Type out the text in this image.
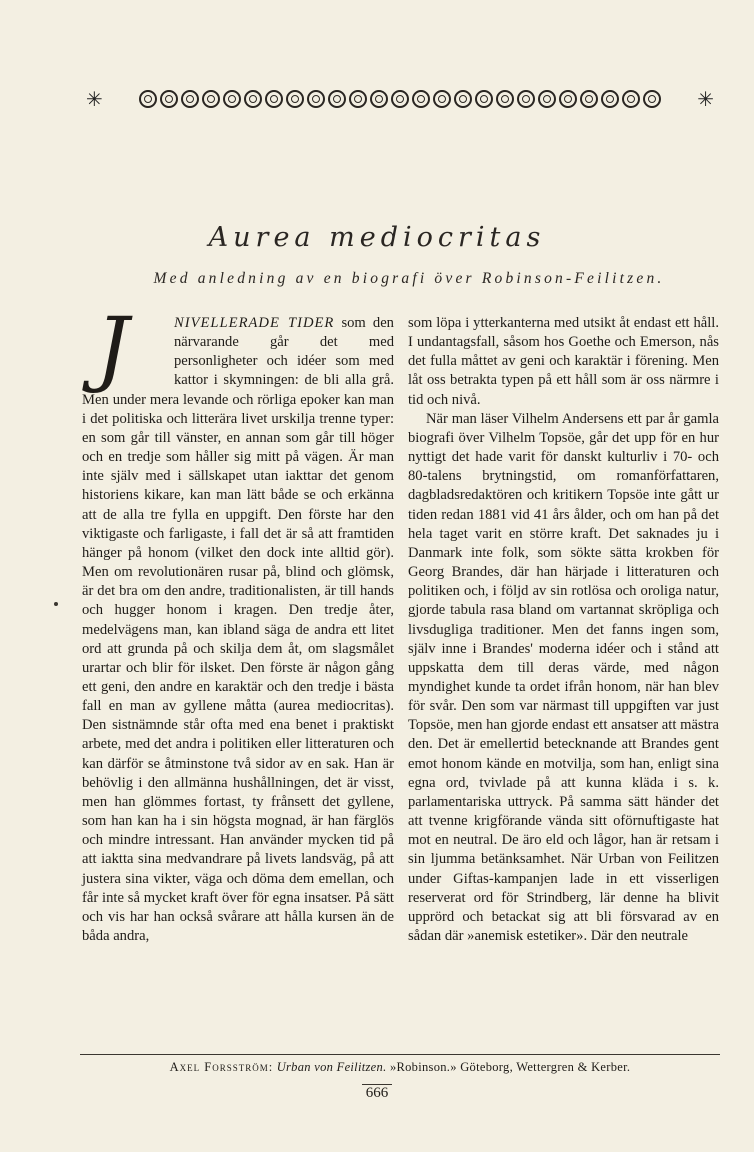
✳	✳
Aurea mediocritas

Med anledning av en biografi över Robinson-Feilitzen.

J	NIVELLERADE TIDER som den närvarande går det med personligheter och idéer som med kattor i skymningen: de bli alla grå. Men under mera levande och rörliga epoker kan man i det politiska och litterära livet urskilja trenne typer: en som går till vänster, en annan som går till höger och en tredje som håller sig mitt på vägen. Är man inte själv med i sällskapet utan iakttar det genom historiens kikare, kan man lätt både se och erkänna att de alla tre fylla en uppgift. Den förste har den viktigaste och farligaste, i fall det är så att framtiden hänger på honom (vilket den dock inte alltid gör). Men om revolutionären rusar på, blind och glömsk, är det bra om den andre, traditionalisten, är till hands och hugger honom i kragen. Den tredje åter, medelvägens man, kan ibland säga de andra ett litet ord att grunda på och skilja dem åt, om slagsmålet urartar och blir för ilsket. Den förste är någon gång ett geni, den andre en karaktär och den tredje i bästa fall en man av gyllene måtta (aurea mediocritas). Den sistnämnde står ofta med ena benet i praktiskt arbete, med det andra i politiken eller litteraturen och kan därför se åtminstone två sidor av en sak. Han är behövlig i den allmänna hushållningen, det är visst, men han glömmes fortast, ty frånsett det gyllene, som han kan ha i sin högsta mognad, är han färglös och mindre intressant. Han använder mycken tid på att iaktta sina medvandrare på livets landsväg, på att justera sina vikter, väga och döma dem emellan, och får inte så mycket kraft över för egna insatser. På sätt och vis har han också svårare att hålla kursen än de båda andra,

som löpa i ytterkanterna med utsikt åt endast ett håll. I undantagsfall, såsom hos Goethe och Emerson, nås det fulla måttet av geni och karaktär i förening. Men låt oss betrakta typen på ett håll som är oss närmre i tid och nivå.

När man läser Vilhelm Andersens ett par år gamla biografi över Vilhelm Topsöe, går det upp för en hur nyttigt det hade varit för danskt kulturliv i 70- och 80-talens brytningstid, om romanförfattaren, dagbladsredaktören och kritikern Topsöe inte gått ur tiden redan 1881 vid 41 års ålder, och om han på det hela taget varit en större kraft. Det saknades ju i Danmark inte folk, som sökte sätta krokben för Georg Brandes, där han härjade i litteraturen och politiken och, i följd av sin rotlösa och oroliga natur, gjorde tabula rasa bland om vartannat skröpliga och livsdugliga traditioner. Men det fanns ingen som, själv inne i Brandes' moderna idéer och i stånd att uppskatta dem till deras värde, med någon myndighet kunde ta ordet ifrån honom, när han blev för svår. Den som var närmast till uppgiften var just Topsöe, men han gjorde endast ett ansatser att mästra den. Det är emellertid betecknande att Brandes gent emot honom kände en motvilja, som han, enligt sina egna ord, tvivlade på att kunna kläda i s. k. parlamentariska uttryck. På samma sätt händer det att tvenne krigförande vända sitt oförnuftigaste hat mot en neutral. De äro eld och lågor, han är retsam i sin ljumma betänksamhet. När Urban von Feilitzen under Giftas-kampanjen lade in ett visserligen reserverat ord för Strindberg, lär denne ha blivit upprörd och betackat sig att bli försvarad av en sådan där »anemisk estetiker». Där den neutrale

Axel Forsström: Urban von Feilitzen. »Robinson.» Göteborg, Wettergren & Kerber.
666
